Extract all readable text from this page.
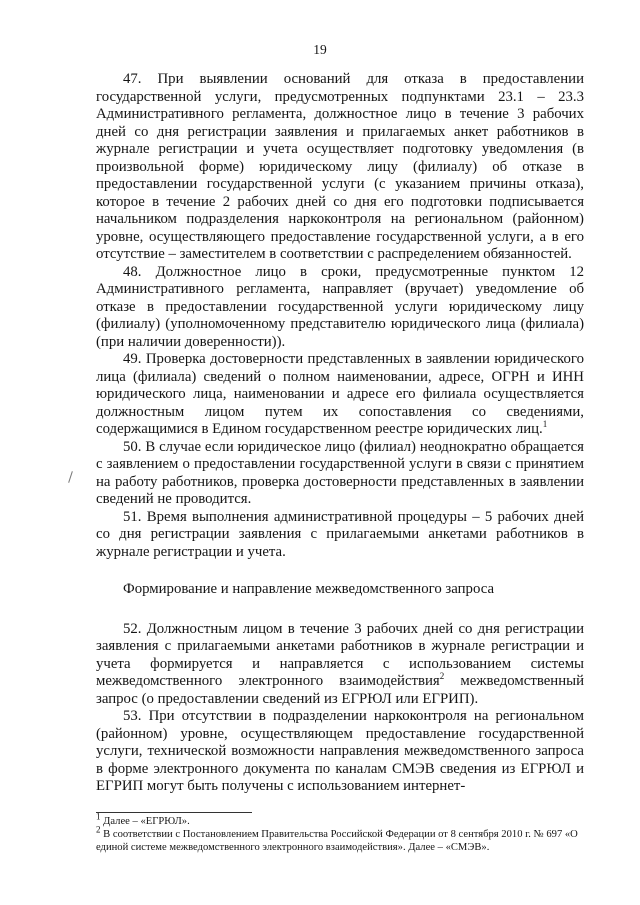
19

47. При выявлении оснований для отказа в предоставлении государственной услуги, предусмотренных подпунктами 23.1 – 23.3 Административного регламента, должностное лицо в течение 3 рабочих дней со дня регистрации заявления и прилагаемых анкет работников в журнале регистрации и учета осуществляет подготовку уведомления (в произвольной форме) юридическому лицу (филиалу) об отказе в предоставлении государственной услуги (с указанием причины отказа), которое в течение 2 рабочих дней со дня его подготовки подписывается начальником подразделения наркоконтроля на региональном (районном) уровне, осуществляющего предоставление государственной услуги, а в его отсутствие – заместителем в соответствии с распределением обязанностей.

48. Должностное лицо в сроки, предусмотренные пунктом 12 Административного регламента, направляет (вручает) уведомление об отказе в предоставлении государственной услуги юридическому лицу (филиалу) (уполномоченному представителю юридического лица (филиала) (при наличии доверенности)).

49. Проверка достоверности представленных в заявлении юридического лица (филиала) сведений о полном наименовании, адресе, ОГРН и ИНН юридического лица, наименовании и адресе его филиала осуществляется должностным лицом путем их сопоставления со сведениями, содержащимися в Едином государственном реестре юридических лиц.$^1$

50. В случае если юридическое лицо (филиал) неоднократно обращается с заявлением о предоставлении государственной услуги в связи с принятием на работу работников, проверка достоверности представленных в заявлении сведений не проводится.

51. Время выполнения административной процедуры – 5 рабочих дней со дня регистрации заявления с прилагаемыми анкетами работников в журнале регистрации и учета.

Формирование и направление межведомственного запроса

52. Должностным лицом в течение 3 рабочих дней со дня регистрации заявления с прилагаемыми анкетами работников в журнале регистрации и учета формируется и направляется с использованием системы межведомственного электронного взаимодействия$^2$ межведомственный запрос (о предоставлении сведений из ЕГРЮЛ или ЕГРИП).

53. При отсутствии в подразделении наркоконтроля на региональном (районном) уровне, осуществляющем предоставление государственной услуги, технической возможности направления межведомственного запроса в форме электронного документа по каналам СМЭВ сведения из ЕГРЮЛ и ЕГРИП могут быть получены с использованием интернет-

$^1$ Далее – «ЕГРЮЛ».

$^2$ В соответствии с Постановлением Правительства Российской Федерации от 8 сентября 2010 г. № 697 «О единой системе межведомственного электронного взаимодействия». Далее – «СМЭВ».
